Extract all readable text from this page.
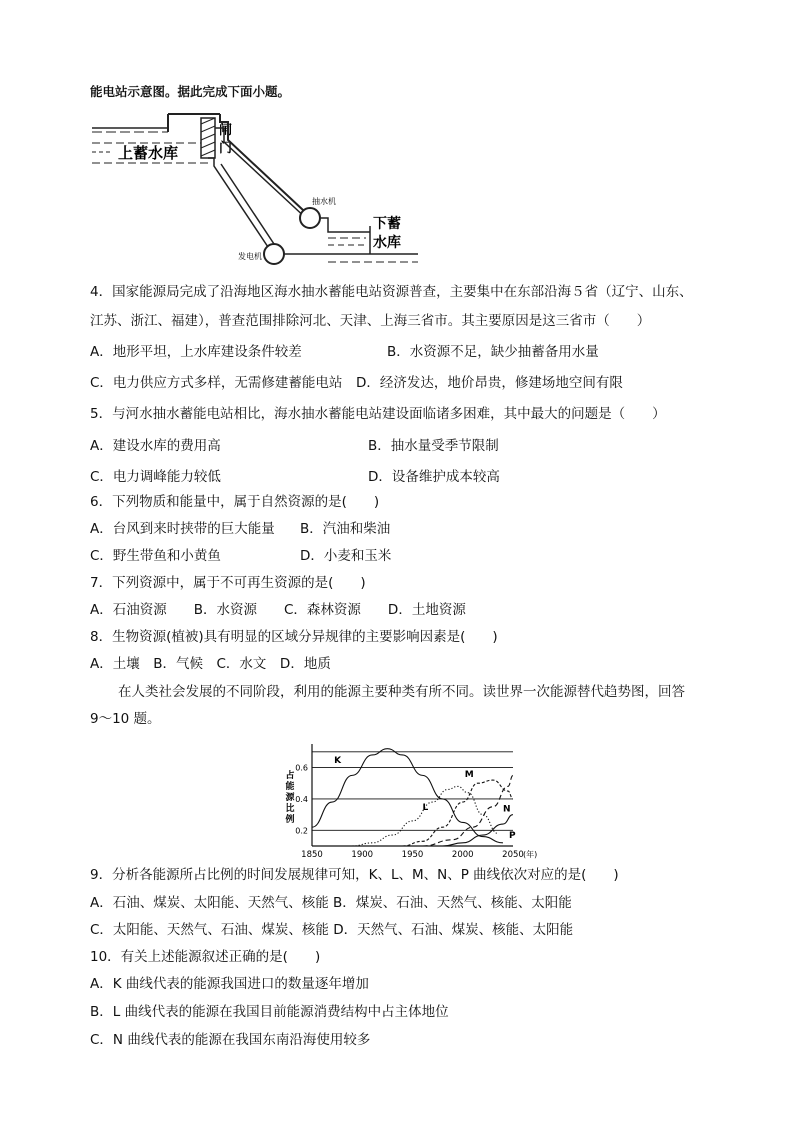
能电站示意图。据此完成下面小题。
上蓄水库
闸
门
抽水机
发电机
下蓄
水库
4．国家能源局完成了沿海地区海水抽水蓄能电站资源普查，主要集中在东部沿海５省（辽宁、山东、
江苏、浙江、福建），普查范围排除河北、天津、上海三省市。其主要原因是这三省市（　　）
A．地形平坦，上水库建设条件较差	B．水资源不足，缺少抽蓄备用水量
C．电力供应方式多样，无需修建蓄能电站 D．经济发达，地价昂贵，修建场地空间有限
5．与河水抽水蓄能电站相比，海水抽水蓄能电站建设面临诸多困难，其中最大的问题是（　　）
A．建设水库的费用高	B．抽水量受季节限制
C．电力调峰能力较低	D．设备维护成本较高
6．下列物质和能量中，属于自然资源的是(　　)
A．台风到来时挟带的巨大能量 B．汽油和柴油
C．野生带鱼和小黄鱼	D．小麦和玉米
7．下列资源中，属于不可再生资源的是(　　)
A．石油资源　　B．水资源　　C．森林资源　　D．土地资源
8．生物资源(植被)具有明显的区域分异规律的主要影响因素是(　　)
A．土壤　B．气候　C．水文　D．地质
在人类社会发展的不同阶段，利用的能源主要种类有所不同。读世界一次能源替代趋势图，回答
9～10 题。
0.2
0.4
0.6
1850	1900	1950	2000	2050 (年)
占
能
源
比
例
K
L
M
N
P
9．分析各能源所占比例的时间发展规律可知，K、L、M、N、P 曲线依次对应的是(　　)
A．石油、煤炭、太阳能、天然气、核能 B．煤炭、石油、天然气、核能、太阳能
C．太阳能、天然气、石油、煤炭、核能 D．天然气、石油、煤炭、核能、太阳能
10．有关上述能源叙述正确的是(　　)
A．K 曲线代表的能源我国进口的数量逐年增加
B．L 曲线代表的能源在我国目前能源消费结构中占主体地位
C．N 曲线代表的能源在我国东南沿海使用较多
